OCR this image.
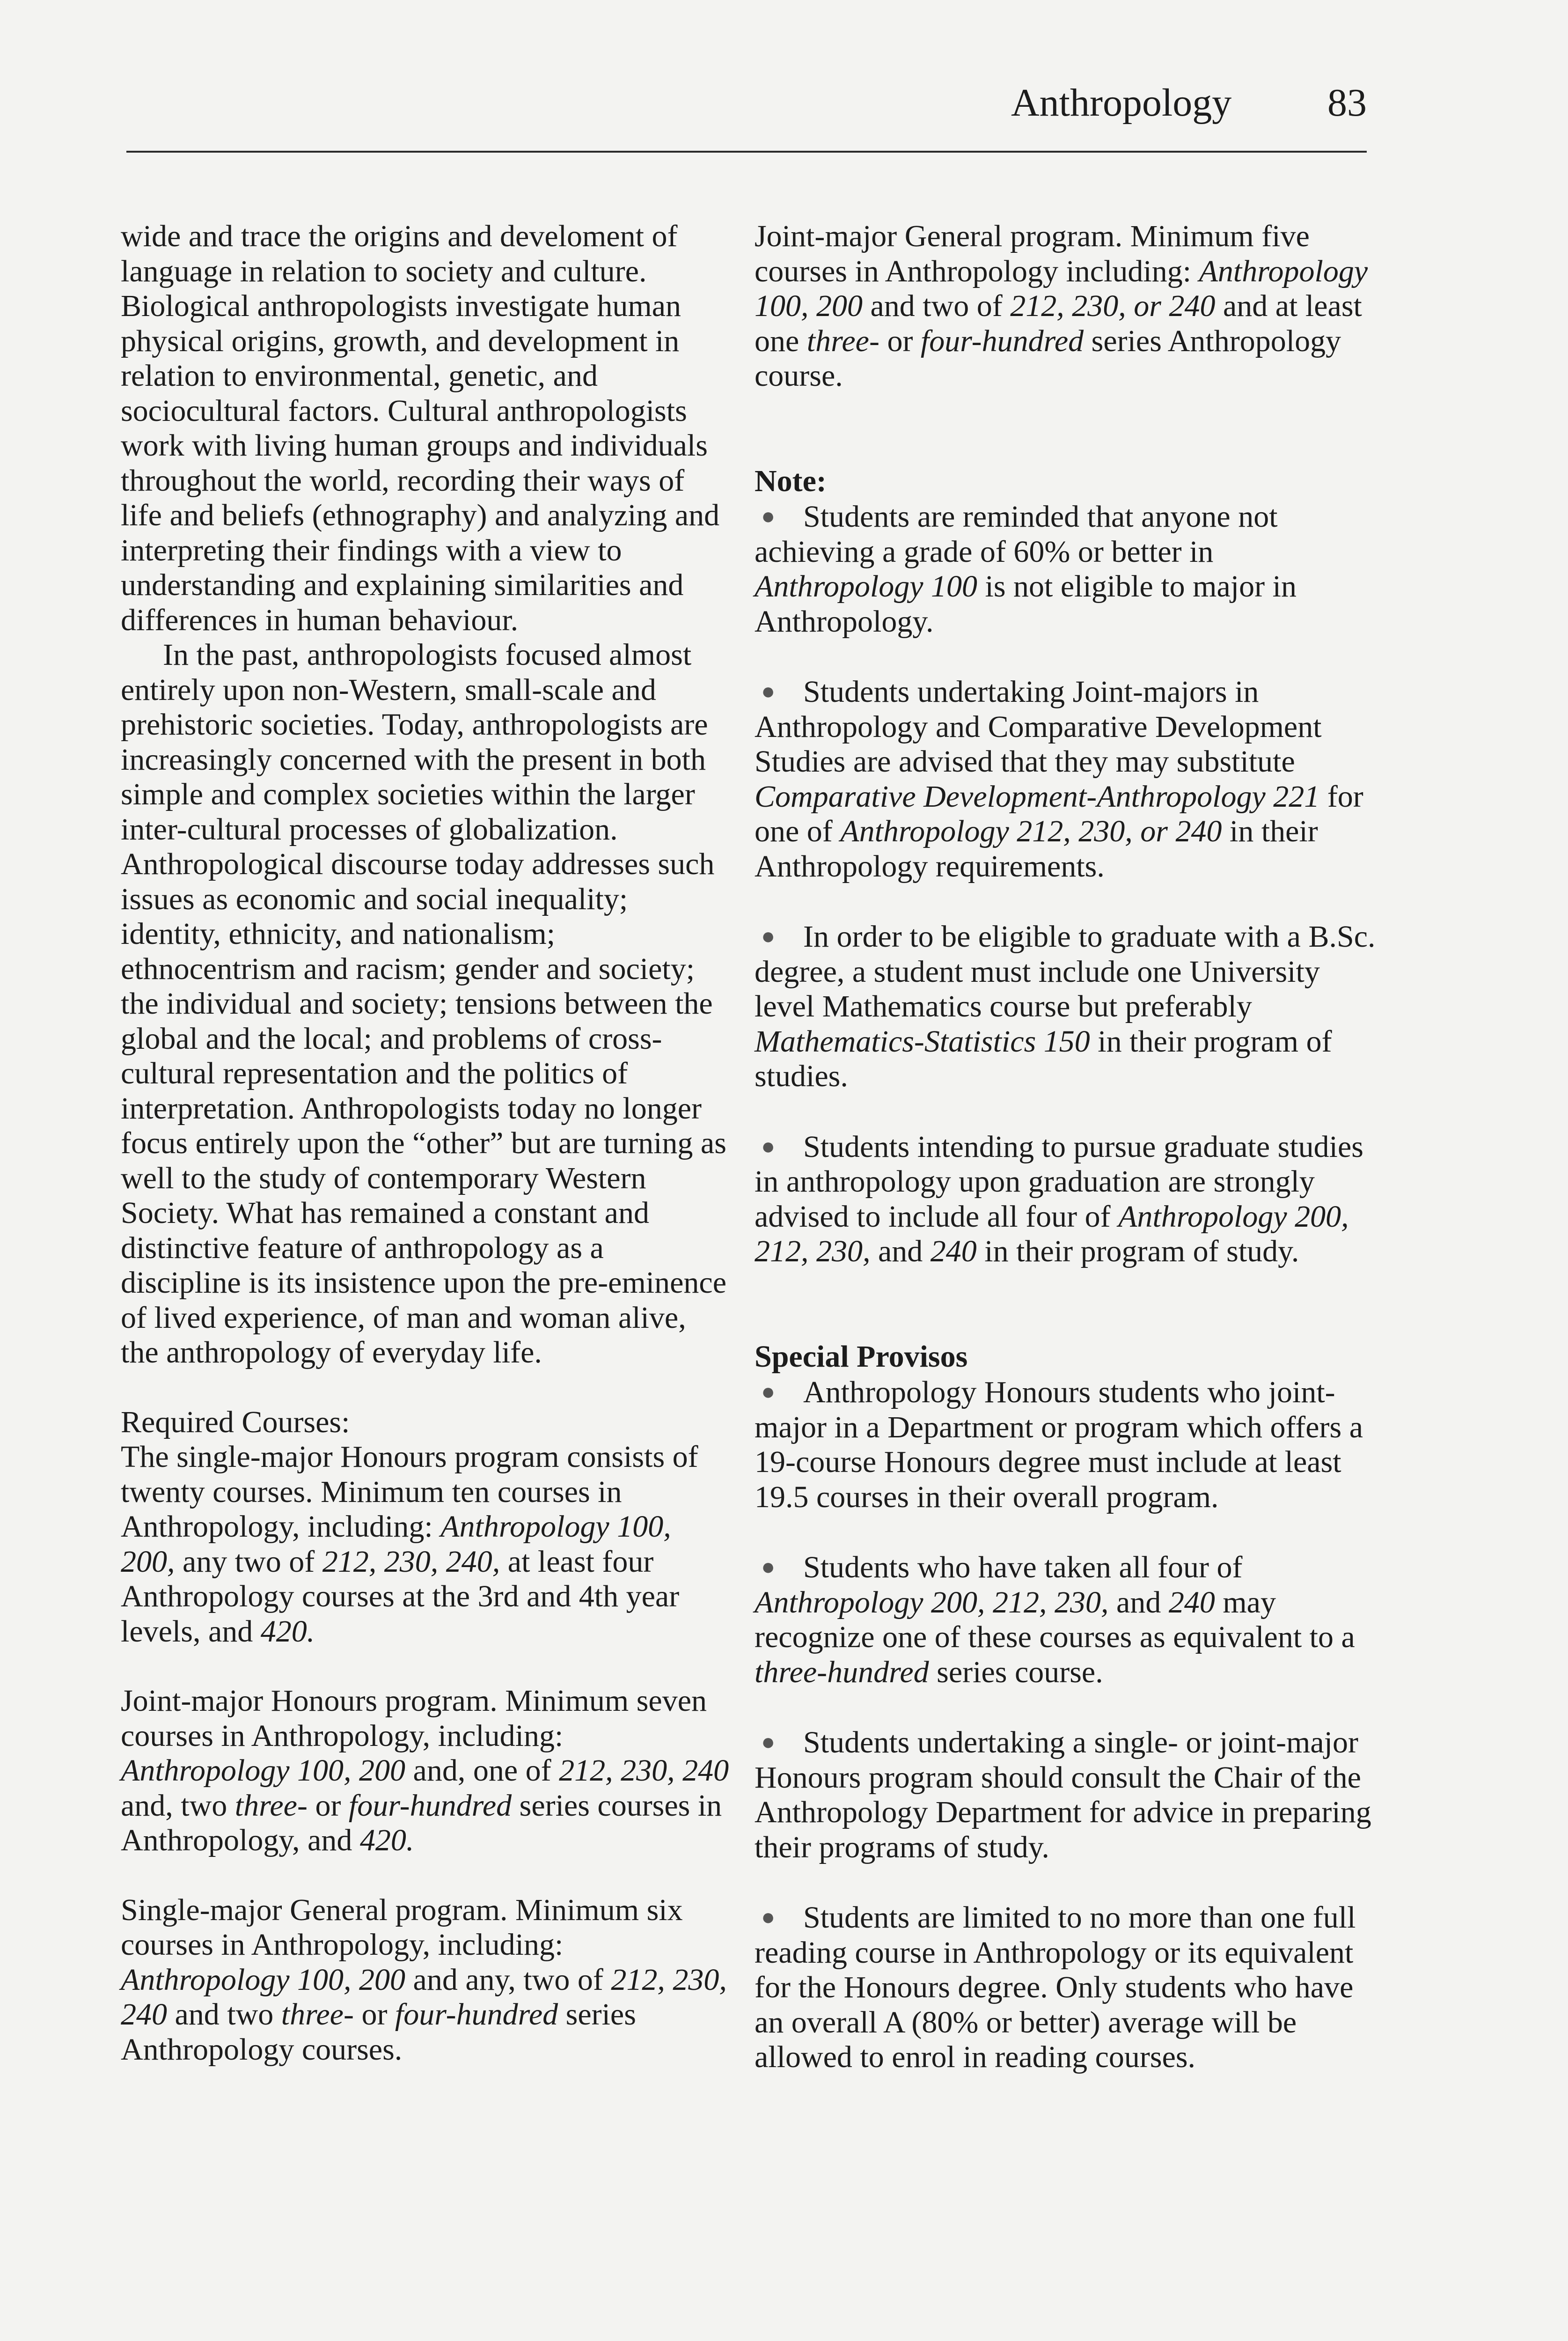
Anthropology 83

wide and trace the origins and develoment of language in relation to society and culture. Biological anthropologists investigate human physical origins, growth, and development in relation to environmental, genetic, and sociocultural factors. Cultural anthropologists work with living human groups and individuals throughout the world, recording their ways of life and beliefs (ethnography) and analyzing and interpreting their findings with a view to understanding and explaining similarities and differences in human behaviour.

In the past, anthropologists focused almost entirely upon non-Western, small-scale and prehistoric societies. Today, anthropologists are increasingly concerned with the present in both simple and complex societies within the larger inter-cultural processes of globalization. Anthropological discourse today addresses such issues as economic and social inequality; identity, ethnicity, and nationalism; ethnocentrism and racism; gender and society; the individual and society; tensions between the global and the local; and problems of cross-cultural representation and the politics of interpretation. Anthropologists today no longer focus entirely upon the “other” but are turning as well to the study of contemporary Western Society. What has remained a constant and distinctive feature of anthropology as a discipline is its insistence upon the pre-eminence of lived experience, of man and woman alive, the anthropology of everyday life.

Required Courses:

The single-major Honours program consists of twenty courses. Minimum ten courses in Anthropology, including: Anthropology 100, 200, any two of 212, 230, 240, at least four Anthropology courses at the 3rd and 4th year levels, and 420.

Joint-major Honours program. Minimum seven courses in Anthropology, including: Anthropology 100, 200 and, one of 212, 230, 240 and, two three- or four-hundred series courses in Anthropology, and 420.

Single-major General program. Minimum six courses in Anthropology, including: Anthropology 100, 200 and any, two of 212, 230, 240 and two three- or four-hundred series Anthropology courses.

Joint-major General program. Minimum five courses in Anthropology including: Anthropology 100, 200 and two of 212, 230, or 240 and at least one three- or four-hundred series Anthropology course.

Note:

● Students are reminded that anyone not achieving a grade of 60% or better in Anthropology 100 is not eligible to major in Anthropology.

● Students undertaking Joint-majors in Anthropology and Comparative Development Studies are advised that they may substitute Comparative Development-Anthropology 221 for one of Anthropology 212, 230, or 240 in their Anthropology requirements.

● In order to be eligible to graduate with a B.Sc. degree, a student must include one University level Mathematics course but preferably Mathematics-Statistics 150 in their program of studies.

● Students intending to pursue graduate studies in anthropology upon graduation are strongly advised to include all four of Anthropology 200, 212, 230, and 240 in their program of study.

Special Provisos

● Anthropology Honours students who joint-major in a Department or program which offers a 19-course Honours degree must include at least 19.5 courses in their overall program.

● Students who have taken all four of Anthropology 200, 212, 230, and 240 may recognize one of these courses as equivalent to a three-hundred series course.

● Students undertaking a single- or joint-major Honours program should consult the Chair of the Anthropology Department for advice in preparing their programs of study.

● Students are limited to no more than one full reading course in Anthropology or its equivalent for the Honours degree. Only students who have an overall A (80% or better) average will be allowed to enrol in reading courses.
